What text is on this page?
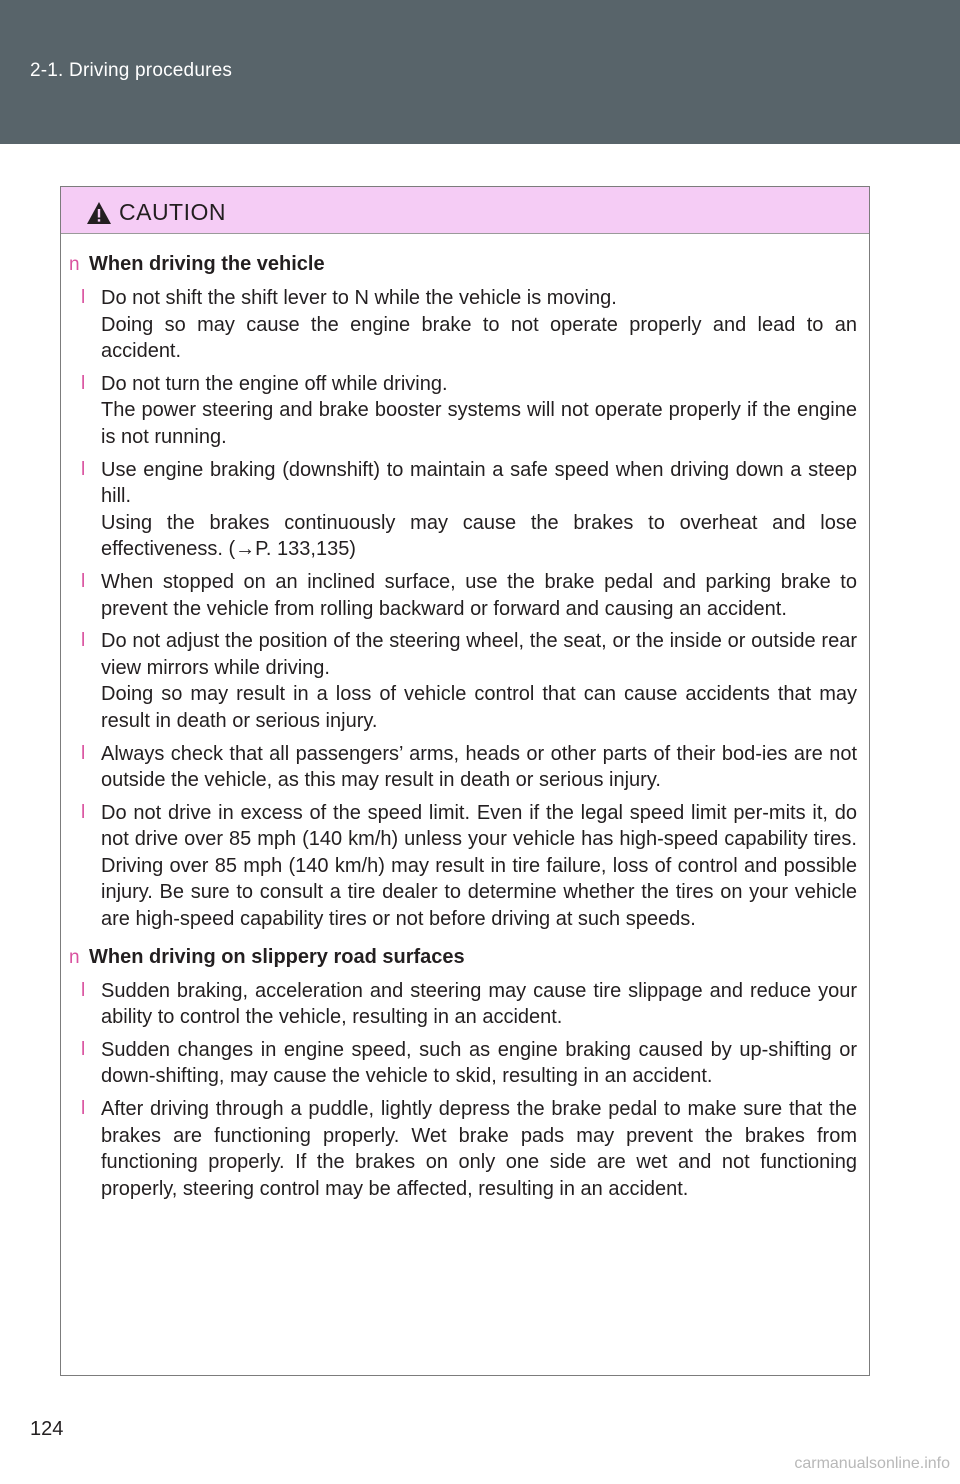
2-1. Driving procedures
CAUTION
n When driving the vehicle
l Do not shift the shift lever to N while the vehicle is moving.
Doing so may cause the engine brake to not operate properly and lead to an accident.
l Do not turn the engine off while driving.
The power steering and brake booster systems will not operate properly if the engine is not running.
l Use engine braking (downshift) to maintain a safe speed when driving down a steep hill.
Using the brakes continuously may cause the brakes to overheat and lose effectiveness. (→P. 133,135)
l When stopped on an inclined surface, use the brake pedal and parking brake to prevent the vehicle from rolling backward or forward and causing an accident.
l Do not adjust the position of the steering wheel, the seat, or the inside or outside rear view mirrors while driving.
Doing so may result in a loss of vehicle control that can cause accidents that may result in death or serious injury.
l Always check that all passengers’ arms, heads or other parts of their bod-ies are not outside the vehicle, as this may result in death or serious injury.
l Do not drive in excess of the speed limit. Even if the legal speed limit per-mits it, do not drive over 85 mph (140 km/h) unless your vehicle has high-speed capability tires. Driving over 85 mph (140 km/h) may result in tire failure, loss of control and possible injury. Be sure to consult a tire dealer to determine whether the tires on your vehicle are high-speed capability tires or not before driving at such speeds.
n When driving on slippery road surfaces
l Sudden braking, acceleration and steering may cause tire slippage and reduce your ability to control the vehicle, resulting in an accident.
l Sudden changes in engine speed, such as engine braking caused by up-shifting or down-shifting, may cause the vehicle to skid, resulting in an accident.
l After driving through a puddle, lightly depress the brake pedal to make sure that the brakes are functioning properly. Wet brake pads may prevent the brakes from functioning properly. If the brakes on only one side are wet and not functioning properly, steering control may be affected, resulting in an accident.
124
carmanualsonline.info
